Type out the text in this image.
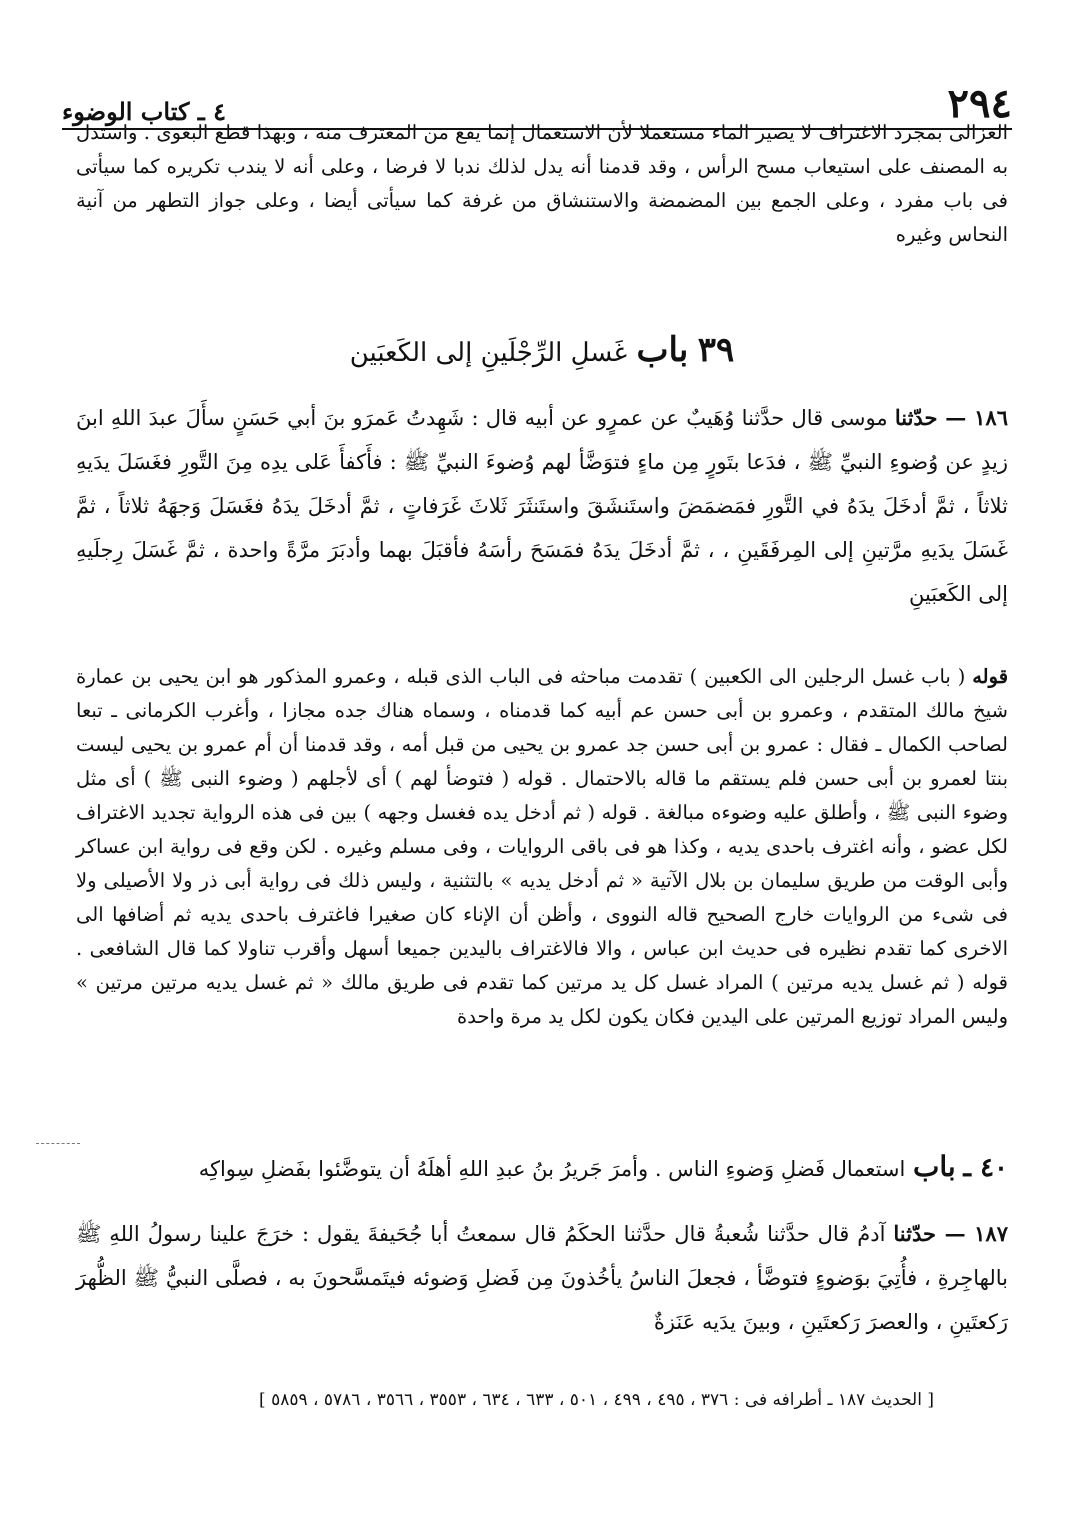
٢٩٤
٤ ـ كتاب الوضوء

الغزالى بمجرد الاغتراف لا يصير الماء مستعملا لأن الاستعمال إنما يقع من المغترف منه ، وبهذا قطع البغوى . واستدل به المصنف على استيعاب مسح الرأس ، وقد قدمنا أنه يدل لذلك ندبا لا فرضا ، وعلى أنه لا يندب تكريره كما سيأتى فى باب مفرد ، وعلى الجمع بين المضمضة والاستنشاق من غرفة كما سيأتى أيضا ، وعلى جواز التطهر من آنية النحاس وغيره

٣٩ باب غَسلِ الرِّجْلَينِ إلى الكَعبَين

١٨٦ — حدّثنا موسى قال حدَّثنا وُهَيبٌ عن عمرٍو عن أبيه قال : شَهِدتُ عَمرَو بنَ أبي حَسَنٍ سأَلَ عبدَ اللهِ ابنَ زيدٍ عن وُضوءِ النبيِّ ﷺ ، فدَعا بتَورٍ مِن ماءٍ فتوَضَّأ لهم وُضوءَ النبيِّ ﷺ : فأَكفأَ عَلى يدِه مِنَ التَّورِ فغَسَلَ يدَيهِ ثلاثاً ، ثمَّ أدخَلَ يدَهُ في التَّورِ فمَضمَضَ واستَنشَقَ واستَنثَرَ ثَلاثَ غَرَفاتٍ ، ثمَّ أدخَلَ يدَهُ فغَسَلَ وَجهَهُ ثلاثاً ، ثمَّ غَسَلَ يدَيهِ مرَّتينِ إلى المِرفَقَينِ ، ، ثمَّ أدخَلَ يدَهُ فمَسَحَ رأسَهُ فأقبَلَ بهما وأدبَرَ مرَّةً واحدة ، ثمَّ غَسَلَ رِجلَيهِ إلى الكَعبَينِ

قوله ( باب غسل الرجلين الى الكعبين ) تقدمت مباحثه فى الباب الذى قبله ، وعمرو المذكور هو ابن يحيى بن عمارة شيخ مالك المتقدم ، وعمرو بن أبى حسن عم أبيه كما قدمناه ، وسماه هناك جده مجازا ، وأغرب الكرمانى ـ تبعا لصاحب الكمال ـ فقال : عمرو بن أبى حسن جد عمرو بن يحيى من قبل أمه ، وقد قدمنا أن أم عمرو بن يحيى ليست بنتا لعمرو بن أبى حسن فلم يستقم ما قاله بالاحتمال . قوله ( فتوضأ لهم ) أى لأجلهم ( وضوء النبى ﷺ ) أى مثل وضوء النبى ﷺ ، وأطلق عليه وضوءه مبالغة . قوله ( ثم أدخل يده فغسل وجهه ) بين فى هذه الرواية تجديد الاغتراف لكل عضو ، وأنه اغترف باحدى يديه ، وكذا هو فى باقى الروايات ، وفى مسلم وغيره . لكن وقع فى رواية ابن عساكر وأبى الوقت من طريق سليمان بن بلال الآتية « ثم أدخل يديه » بالتثنية ، وليس ذلك فى رواية أبى ذر ولا الأصيلى ولا فى شىء من الروايات خارج الصحيح قاله النووى ، وأظن أن الإناء كان صغيرا فاغترف باحدى يديه ثم أضافها الى الاخرى كما تقدم نظيره فى حديث ابن عباس ، والا فالاغتراف باليدين جميعا أسهل وأقرب تناولا كما قال الشافعى . قوله ( ثم غسل يديه مرتين ) المراد غسل كل يد مرتين كما تقدم فى طريق مالك « ثم غسل يديه مرتين مرتين » وليس المراد توزيع المرتين على اليدين فكان يكون لكل يد مرة واحدة

٤٠ ـ باب استعمال فَضلِ وَضوءِ الناس . وأمرَ جَريرُ بنُ عبدِ اللهِ أهلَهُ أن يتوضَّئوا بفَضلِ سِواكِه

١٨٧ — حدّثنا آدمُ قال حدَّثنا شُعبةُ قال حدَّثنا الحكَمُ قال سمعتُ أبا جُحَيفةَ يقول : خرَجَ علينا رسولُ اللهِ ﷺ بالهاجِرةِ ، فأُتِيَ بوَضوءٍ فتوضَّأ ، فجعلَ الناسُ يأخُذونَ مِن فَضلِ وَضوئه فيتَمسَّحونَ به ، فصلَّى النبيُّ ﷺ الظُّهرَ رَكعتَينِ ، والعصرَ رَكعتَينِ ، وبينَ يدَيه عَنَزةٌ

[ الحديث ١٨٧ ـ أطرافه فى : ٣٧٦ ، ٤٩٥ ، ٤٩٩ ، ٥٠١ ، ٦٣٣ ، ٦٣٤ ، ٣٥٥٣ ، ٣٥٦٦ ، ٥٧٨٦ ، ٥٨٥٩ ]
